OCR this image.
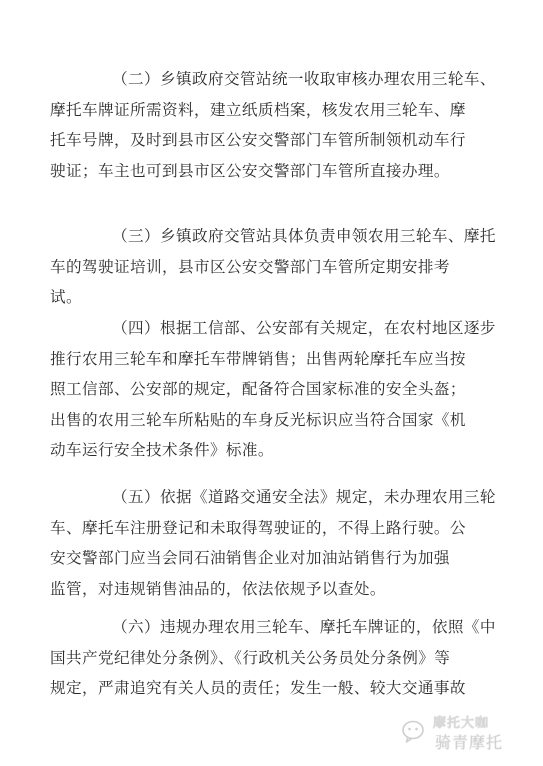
（二）乡镇政府交管站统一收取审核办理农用三轮车、
摩托车牌证所需资料，建立纸质档案，核发农用三轮车、摩
托车号牌，及时到县市区公安交警部门车管所制领机动车行
驶证；车主也可到县市区公安交警部门车管所直接办理。
（三）乡镇政府交管站具体负责申领农用三轮车、摩托
车的驾驶证培训，县市区公安交警部门车管所定期安排考
试。
（四）根据工信部、公安部有关规定，在农村地区逐步
推行农用三轮车和摩托车带牌销售；出售两轮摩托车应当按
照工信部、公安部的规定，配备符合国家标准的安全头盔；
出售的农用三轮车所粘贴的车身反光标识应当符合国家《机
动车运行安全技术条件》标准。
（五）依据《道路交通安全法》规定，未办理农用三轮
车、摩托车注册登记和未取得驾驶证的，不得上路行驶。公
安交警部门应当会同石油销售企业对加油站销售行为加强
监管，对违规销售油品的，依法依规予以查处。
（六）违规办理农用三轮车、摩托车牌证的，依照《中
国共产党纪律处分条例》、《行政机关公务员处分条例》等
规定，严肃追究有关人员的责任；发生一般、较大交通事故
摩托大咖
骑青摩托
